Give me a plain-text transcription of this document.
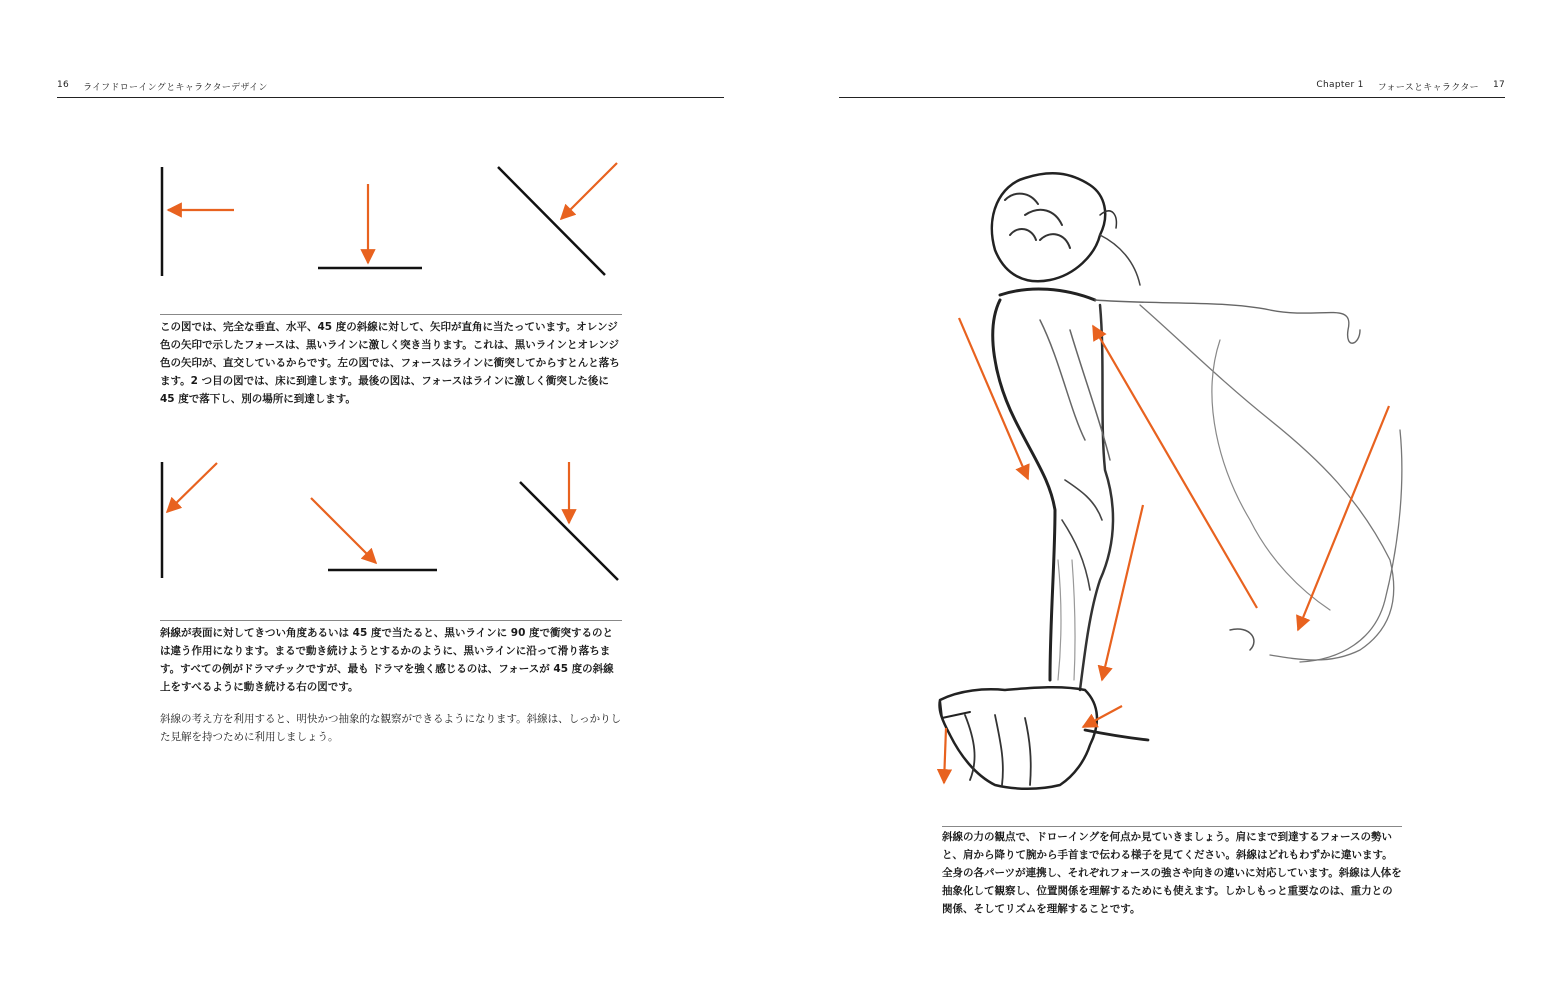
16 ライフドローイングとキャラクターデザイン

この図では、完全な垂直、水平、45 度の斜線に対して、矢印が直角に当たっています。オレンジ色の矢印で示したフォースは、黒いラインに激しく突き当ります。これは、黒いラインとオレンジ色の矢印が、直交しているからです。左の図では、フォースはラインに衝突してからすとんと落ちます。2 つ目の図では、床に到達します。最後の図は、フォースはラインに激しく衝突した後に 45 度で落下し、別の場所に到達します。

斜線が表面に対してきつい角度あるいは 45 度で当たると、黒いラインに 90 度で衝突するのとは違う作用になります。まるで動き続けようとするかのように、黒いラインに沿って滑り落ちます。すべての例がドラマチックですが、最も ドラマを強く感じるのは、フォースが 45 度の斜線上をすべるように動き続ける右の図です。

斜線の考え方を利用すると、明快かつ抽象的な観察ができるようになります。斜線は、しっかりした見解を持つために利用しましょう。

Chapter 1 フォースとキャラクター 17

斜線の力の観点で、ドローイングを何点か見ていきましょう。肩にまで到達するフォースの勢いと、肩から降りて腕から手首まで伝わる様子を見てください。斜線はどれもわずかに違います。全身の各パーツが連携し、それぞれフォースの強さや向きの違いに対応しています。斜線は人体を抽象化して観察し、位置関係を理解するためにも使えます。しかしもっと重要なのは、重力との関係、そしてリズムを理解することです。
